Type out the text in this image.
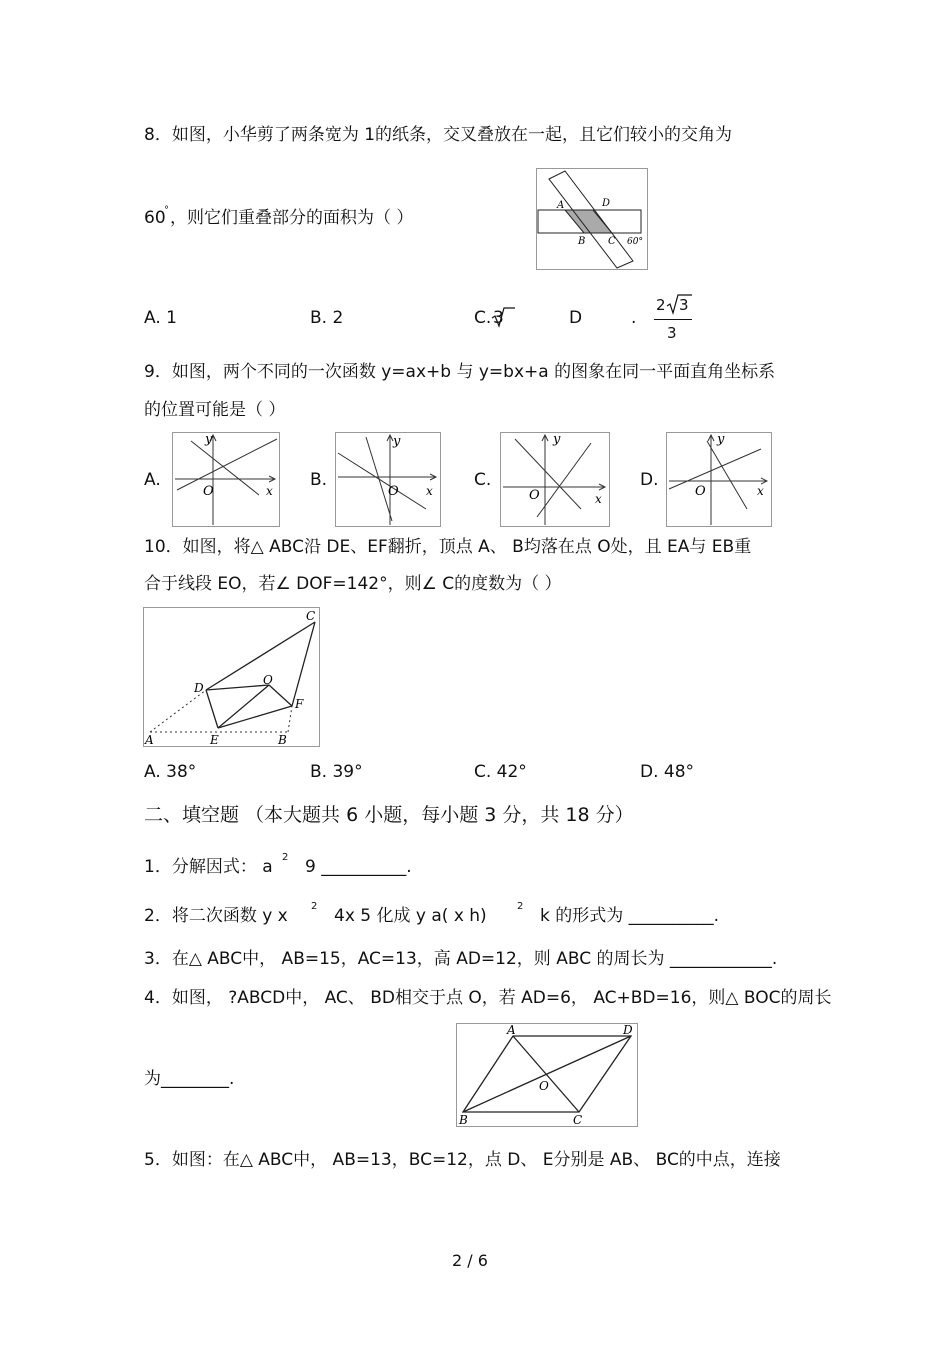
8．如图，小华剪了两条宽为 1的纸条，交叉叠放在一起，且它们较小的交角为
60
° ，则它们重叠部分的面积为（ ）
A	D
B C 60°
A. 1	B. 2	C. 3	D	.
2 3
3
9．如图，两个不同的一次函数 y=ax+b 与 y=bx+a 的图象在同一平面直角坐标系
的位置可能是（ ）
A.
O
y
x
B.
O
y
x
C.
O
y
x
D.
O
y
x
10．如图，将△ ABC沿 DE、EF翻折，顶点 A、 B均落在点 O处，且 EA与 EB重
合于线段 EO，若∠ DOF=142°，则∠ C的度数为（ ）
C
D
O
F
A	E	B
A. 38°	B. 39°	C. 42°	D. 48°
二、填空题 （本大题共 6 小题，每小题 3 分，共 18 分）
1．分解因式： a 2 9 __________.
2．将二次函数 y x 2 4x 5 化成 y a( x h)	2 k 的形式为 __________.
3．在△ ABC中， AB=15，AC=13，高 AD=12，则 ABC 的周长为 ____________.
4．如图， ?ABCD中， AC、 BD相交于点 O，若 AD=6， AC+BD=16，则△ BOC的周长
为________.
A	D
O
B	C
5．如图：在△ ABC中， AB=13，BC=12，点 D、 E分别是 AB、 BC的中点，连接
2 / 6
